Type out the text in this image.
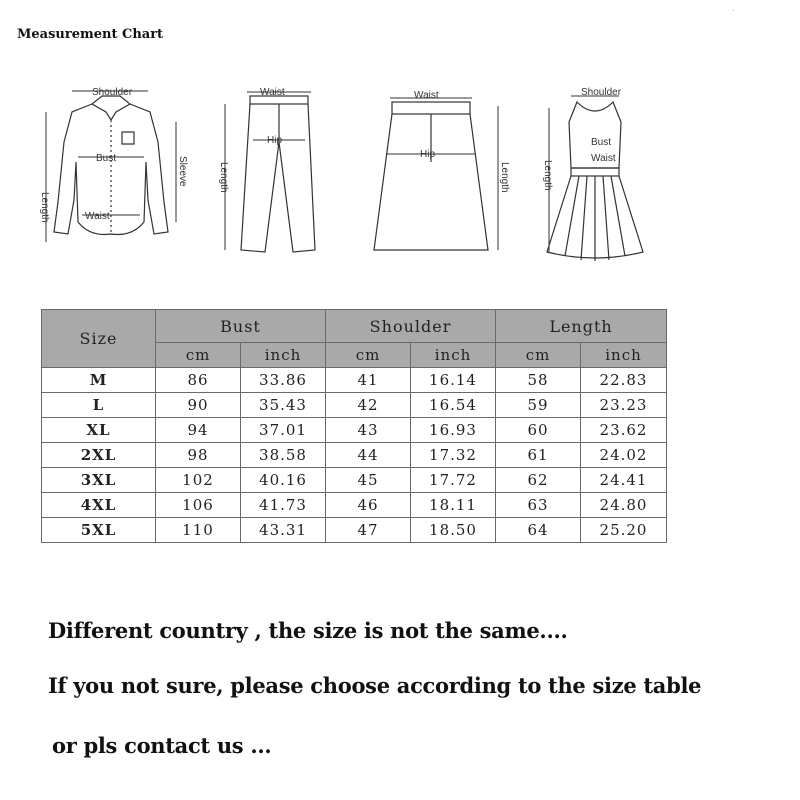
Measurement Chart
Shoulder
Bust
Waist
Length
Sleeve
Waist
Hip
Length
Waist
Hip
Length
Shoulder
Bust
Waist
Length
Size	Bust		Shoulder		Length	
	cm	inch	cm	inch	cm	inch
M	86	33.86	41	16.14	58	22.83
L	90	35.43	42	16.54	59	23.23
XL	94	37.01	43	16.93	60	23.62
2XL	98	38.58	44	17.32	61	24.02
3XL	102	40.16	45	17.72	62	24.41
4XL	106	41.73	46	18.11	63	24.80
5XL	110	43.31	47	18.50	64	25.20
Different country , the size is not the same....
If you not sure, please choose according to the size table
or pls contact us ...
